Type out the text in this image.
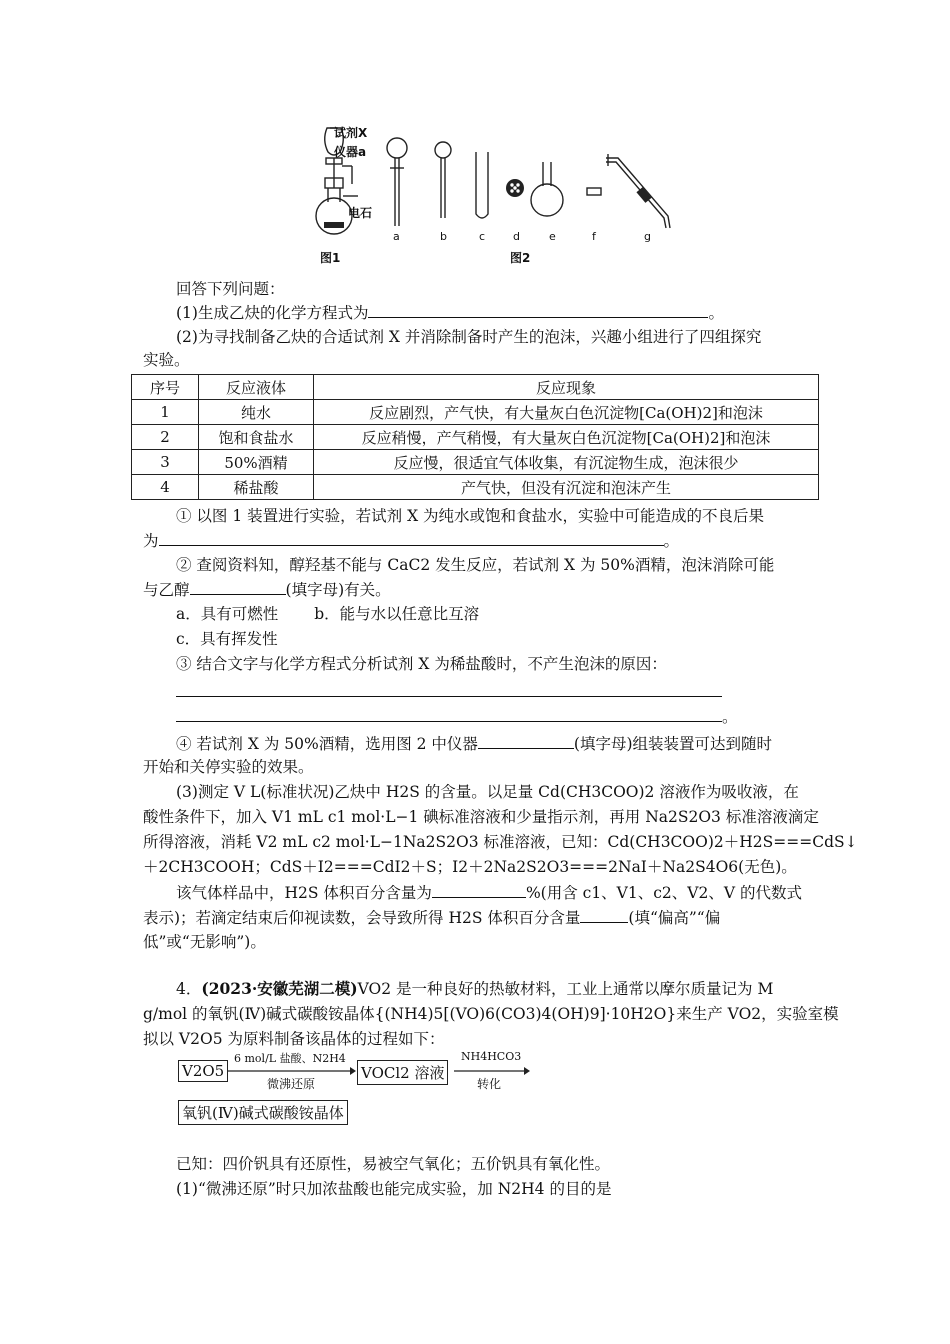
试剂X
仪器a
电石
图1	图2
a	b	c	d	e	f	g
回答下列问题：
(1)生成乙炔的化学方程式为	。
(2)为寻找制备乙炔的合适试剂 X 并消除制备时产生的泡沫，兴趣小组进行了四组探究
实验。
序号	反应液体	反应现象
1	纯水	反应剧烈，产气快，有大量灰白色沉淀物[Ca(OH)2]和泡沫
2	饱和食盐水	反应稍慢，产气稍慢，有大量灰白色沉淀物[Ca(OH)2]和泡沫
3	50%酒精	反应慢，很适宜气体收集，有沉淀物生成，泡沫很少
4	稀盐酸	产气快，但没有沉淀和泡沫产生
① 以图 1 装置进行实验，若试剂 X 为纯水或饱和食盐水，实验中可能造成的不良后果
为	。
② 查阅资料知，醇羟基不能与 CaC2 发生反应，若试剂 X 为 50%酒精，泡沫消除可能
与乙醇	(填字母)有关。
a．具有可燃性 b．能与水以任意比互溶
c．具有挥发性
③ 结合文字与化学方程式分析试剂 X 为稀盐酸时，不产生泡沫的原因：
。
④ 若试剂 X 为 50%酒精，选用图 2 中仪器	(填字母)组装装置可达到随时
开始和关停实验的效果。
(3)测定 V L(标准状况)乙炔中 H2S 的含量。以足量 Cd(CH3COO)2 溶液作为吸收液，在
酸性条件下，加入 V1 mL c1 mol·L−1 碘标准溶液和少量指示剂，再用 Na2S2O3 标准溶液滴定
所得溶液，消耗 V2 mL c2 mol·L−1Na2S2O3 标准溶液，已知：Cd(CH3COO)2＋H2S===CdS↓
＋2CH3COOH；CdS＋I2===CdI2＋S；I2＋2Na2S2O3===2NaI＋Na2S4O6(无色)。
该气体样品中，H2S 体积百分含量为	%(用含 c1、V1、c2、V2、V 的代数式
表示)；若滴定结束后仰视读数，会导致所得 H2S 体积百分含量	(填“偏高”“偏
低”或“无影响”)。
4．(2023·安徽芜湖二模)VO2 是一种良好的热敏材料，工业上通常以摩尔质量记为 M
g/mol 的氧钒(Ⅳ)碱式碳酸铵晶体{(NH4)5[(VO)6(CO3)4(OH)9]·10H2O}来生产 VO2，实验室模
拟以 V2O5 为原料制备该晶体的过程如下：
V2O5
6 mol/L 盐酸、N2H4
微沸还原
VOCl2 溶液
NH4HCO3
转化
氧钒(Ⅳ)碱式碳酸铵晶体
已知：四价钒具有还原性，易被空气氧化；五价钒具有氧化性。
(1)“微沸还原”时只加浓盐酸也能完成实验，加 N2H4 的目的是
